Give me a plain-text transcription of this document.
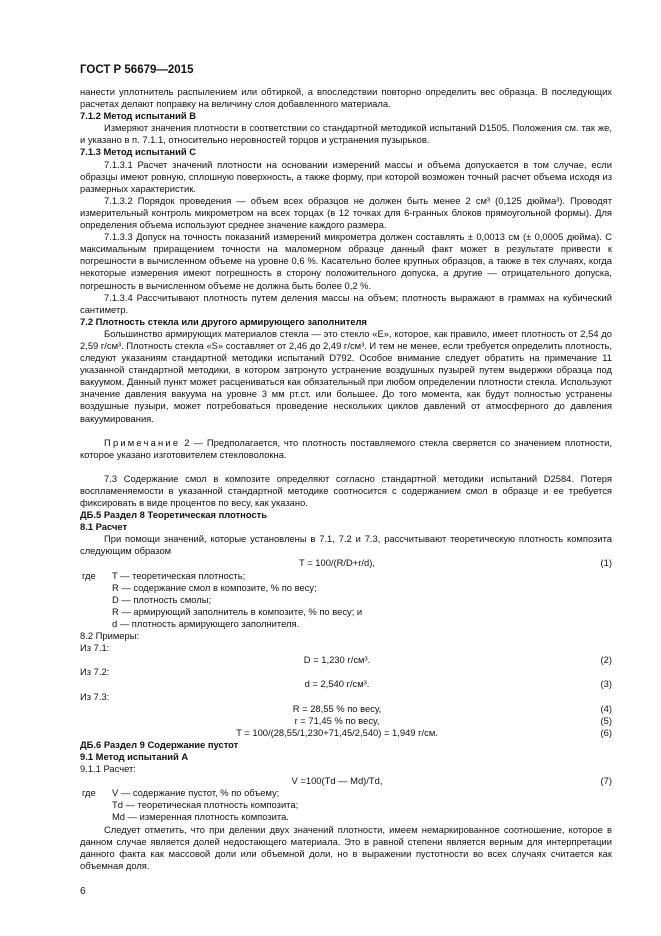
ГОСТ Р 56679—2015

нанести уплотнитель распылением или обтиркой, а впоследствии повторно определить вес образца. В последующих расчетах делают поправку на величину слоя добавленного материала.

7.1.2 Метод испытаний B

Измеряют значения плотности в соответствии со стандартной методикой испытаний D1505. Положения см. так же, и указано в п. 7.1.1, относительно неровностей торцов и устранения пузырьков.

7.1.3 Метод испытаний C

7.1.3.1 Расчет значений плотности на основании измерений массы и объема допускается в том случае, если образцы имеют ровную, сплошную поверхность, а также форму, при которой возможен точный расчет объема исходя из размерных характеристик.

7.1.3.2 Порядок проведения — объем всех образцов не должен быть менее 2 см³ (0,125 дюйма³). Проводят измерительный контроль микрометром на всех торцах (в 12 точках для 6-гранных блоков прямоугольной формы). Для определения объема используют среднее значение каждого размера.

7.1.3.3 Допуск на точность показаний измерений микрометра должен составлять ± 0,0013 см (± 0,0005 дюйма). С максимальным приращением точности на маломерном образце данный факт может в результате привести к погрешности в вычисленном объеме на уровне 0,6 %. Касательно более крупных образцов, а также в тех случаях, когда некоторые измерения имеют погрешность в сторону положительного допуска, а другие — отрицательного допуска, погрешность в вычисленном объеме не должна быть более 0,2 %.

7.1.3.4 Рассчитывают плотность путем деления массы на объем; плотность выражают в граммах на кубический сантиметр.

7.2 Плотность стекла или другого армирующего заполнителя

Большинство армирующих материалов стекла — это стекло «E», которое, как правило, имеет плотность от 2,54 до 2,59 г/см³. Плотность стекла «S» составляет от 2,46 до 2,49 г/см³. И тем не менее, если требуется определить плотность, следуют указаниям стандартной методики испытаний D792. Особое внимание следует обратить на примечание 11 указанной стандартной методики, в котором затронуто устранение воздушных пузырей путем выдержки образца под вакуумом. Данный пункт может расцениваться как обязательный при любом определении плотности стекла. Используют значение давления вакуума на уровне 3 мм рт.ст. или большее. До того момента, как будут полностью устранены воздушные пузыри, может потребоваться проведение нескольких циклов давлений от атмосферного до давления вакуумирования.

Примечание 2 — Предполагается, что плотность поставляемого стекла сверяется со значением плотности, которое указано изготовителем стекловолокна.

7.3 Содержание смол в композите определяют согласно стандартной методики испытаний D2584. Потеря воспламеняемости в указанной стандартной методике соотносится с содержанием смол в образце и ее требуется фиксировать в виде процентов по весу, как указано.

ДБ.5 Раздел 8 Теоретическая плотность

8.1 Расчет

При помощи значений, которые установлены в 7.1, 7.2 и 7.3, рассчитывают теоретическую плотность композита следующим образом

T = 100/(R/D+r/d),	(1)
где T — теоретическая плотность;
R — содержание смол в композите, % по весу;
D — плотность смолы;
R — армирующий заполнитель в композите, % по весу; и
d — плотность армирующего заполнителя.

8.2 Примеры:

Из 7.1:

D = 1,230 г/см³.	(2)

Из 7.2:

d = 2,540 г/см³.	(3)

Из 7.3:

R = 28,55 % по весу,	(4)
r = 71,45 % по весу,	(5)
T = 100/(28,55/1,230+71,45/2,540) = 1,949 г/см.	(6)

ДБ.6 Раздел 9 Содержание пустот

9.1 Метод испытаний А

9.1.1 Расчет:

V =100(Td — Md)/Td,	(7)
где V — содержание пустот, % по объему;
Td — теоретическая плотность композита;
Md — измеренная плотность композита.

Следует отметить, что при делении двух значений плотности, имеем немаркированное соотношение, которое в данном случае является долей недостающего материала. Это в равной степени является верным для интерпретации данного факта как массовой доли или объемной доли, но в выражении пустотности во всех случаях считается как объемная доля.

6
